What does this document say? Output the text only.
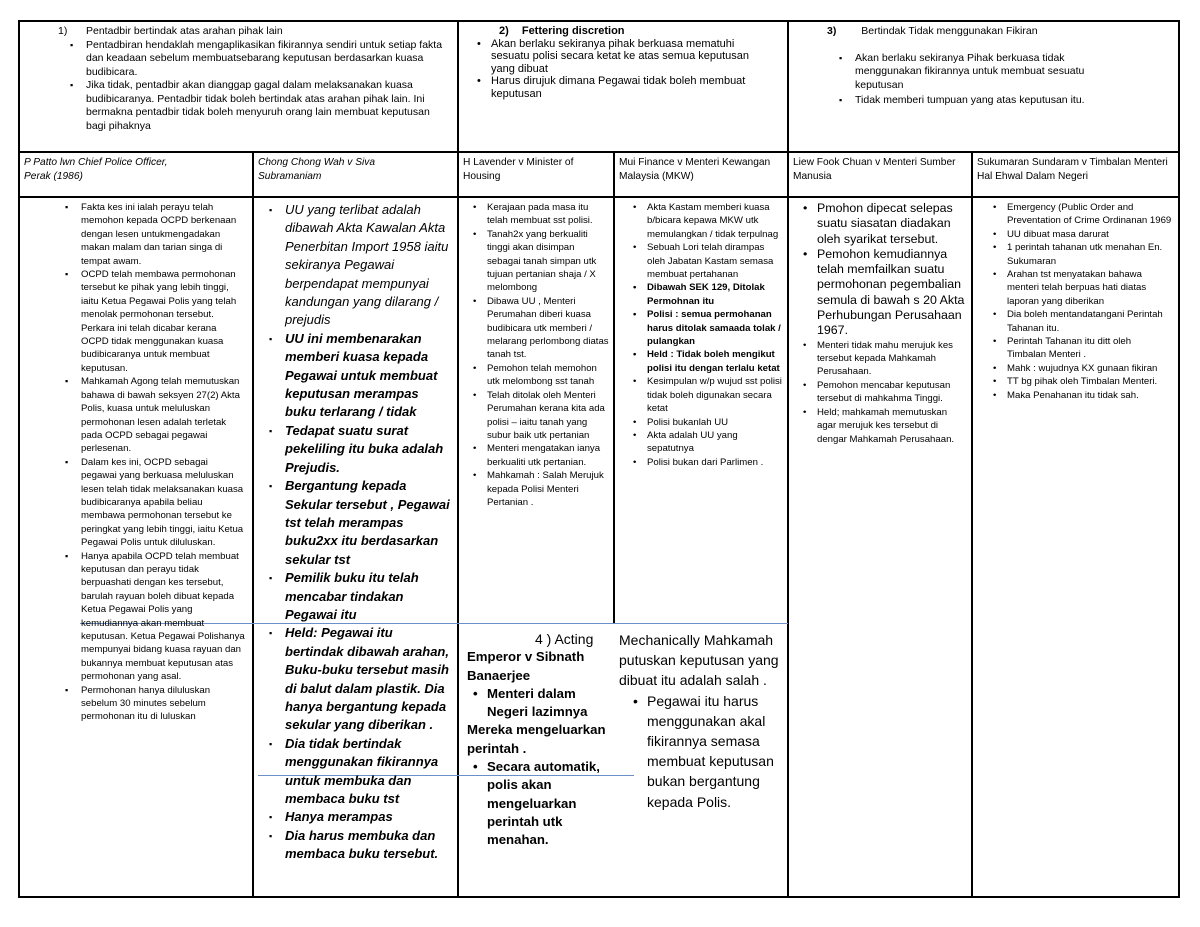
1) Pentadbir bertindak atas arahan pihak lain
▪ Pentadbiran hendaklah mengaplikasikan fikirannya sendiri untuk setiap fakta dan keadaan sebelum membuatsebarang keputusan berdasarkan kuasa budibicara.
▪ Jika tidak, pentadbir akan dianggap gagal dalam melaksanakan kuasa budibicaranya. Pentadbir tidak boleh bertindak atas arahan pihak lain. Ini bermakna pentadbir tidak boleh menyuruh orang lain membuat keputusan bagi pihaknya
2) Fettering discretion
• Akan berlaku sekiranya pihak berkuasa mematuhi sesuatu polisi secara ketat ke atas semua keputusan yang dibuat
• Harus dirujuk dimana Pegawai tidak boleh membuat keputusan
3) Bertindak Tidak menggunakan Fikiran
▪ Akan berlaku sekiranya Pihak berkuasa tidak menggunakan fikirannya untuk membuat sesuatu keputusan
▪ Tidak memberi tumpuan yang atas keputusan itu.
P Patto lwn Chief Police Officer, Perak (1986)
Chong Chong Wah v Siva Subramaniam
H Lavender v Minister of Housing
Mui Finance v Menteri Kewangan Malaysia (MKW)
Liew Fook Chuan v Menteri Sumber Manusia
Sukumaran Sundaram v Timbalan Menteri Hal Ehwal Dalam Negeri
▪ Fakta kes ini ialah perayu telah memohon kepada OCPD berkenaan dengan lesen untukmengadakan makan malam dan tarian singa di tempat awam.
▪ OCPD telah membawa permohonan tersebut ke pihak yang lebih tinggi, iaitu Ketua Pegawai Polis yang telah menolak permohonan tersebut. Perkara ini telah dicabar kerana OCPD tidak menggunakan kuasa budibicaranya untuk membuat keputusan.
▪ Mahkamah Agong telah memutuskan bahawa di bawah seksyen 27(2) Akta Polis, kuasa untuk meluluskan permohonan lesen adalah terletak pada OCPD sebagai pegawai perlesenan.
▪ Dalam kes ini, OCPD sebagai pegawai yang berkuasa meluluskan lesen telah tidak melaksanakan kuasa budibicaranya apabila beliau membawa permohonan tersebut ke peringkat yang lebih tinggi, iaitu Ketua Pegawai Polis untuk diluluskan.
▪ Hanya apabila OCPD telah membuat keputusan dan perayu tidak berpuashati dengan kes tersebut, barulah rayuan boleh dibuat kepada Ketua Pegawai Polis yang kemudiannya akan membuat keputusan. Ketua Pegawai Polishanya mempunyai bidang kuasa rayuan dan bukannya membuat keputusan atas permohonan yang asal.
▪ Permohonan hanya diluluskan sebelum 30 minutes sebelum permohonan itu di luluskan
▪ UU yang terlibat adalah dibawah Akta Kawalan Akta Penerbitan Import 1958 iaitu sekiranya Pegawai berpendapat mempunyai kandungan yang dilarang / prejudis
▪ UU ini membenarakan memberi kuasa kepada Pegawai untuk membuat keputusan merampas buku terlarang / tidak
▪ Tedapat suatu surat pekeliling itu buka adalah Prejudis.
▪ Bergantung kepada Sekular tersebut , Pegawai tst telah merampas buku2xx itu berdasarkan sekular tst
▪ Pemilik buku itu telah mencabar tindakan Pegawai itu
▪ Held: Pegawai itu bertindak dibawah arahan, Buku-buku tersebut masih di balut dalam plastik. Dia hanya bergantung kepada sekular yang diberikan .
▪ Dia tidak bertindak menggunakan fikirannya untuk membuka dan membaca buku tst
▪ Hanya merampas
▪ Dia harus membuka dan membaca buku tersebut.
• Kerajaan pada masa itu telah membuat sst polisi.
• Tanah2x yang berkualiti tinggi akan disimpan sebagai tanah simpan utk tujuan pertanian shaja / X melombong
• Dibawa UU , Menteri Perumahan diberi kuasa budibicara utk memberi / melarang perlombong diatas tanah tst.
• Pemohon telah memohon utk melombong sst tanah
• Telah ditolak oleh Menteri Perumahan kerana kita ada polisi – iaitu tanah yang subur baik utk pertanian
• Menteri mengatakan ianya berkualiti utk pertanian.
• Mahkamah : Salah Merujuk kepada Polisi Menteri Pertanian .
• Akta Kastam memberi kuasa b/bicara kepawa MKW utk memulangkan / tidak terpulnag
• Sebuah Lori telah dirampas oleh Jabatan Kastam semasa membuat pertahanan
• Dibawah SEK 129, Ditolak Permohnan itu
• Polisi : semua permohanan harus ditolak samaada tolak / pulangkan
• Held : Tidak boleh mengikut polisi itu dengan terlalu ketat
• Kesimpulan w/p wujud sst polisi tidak boleh digunakan secara ketat
• Polisi bukanlah UU
• Akta adalah UU yang sepatutnya
• Polisi bukan dari Parlimen .
• Pmohon dipecat selepas suatu siasatan diadakan oleh syarikat tersebut.
• Pemohon kemudiannya telah memfailkan suatu permohonan pegembalian semula di bawah s 20 Akta Perhubungan Perusahaan 1967.
• Menteri tidak mahu merujuk kes tersebut kepada Mahkamah Perusahaan.
• Pemohon mencabar keputusan tersebut di mahkahma Tinggi.
• Held; mahkamah memutuskan agar merujuk kes tersebut di dengar Mahkamah Perusahaan.
• Emergency (Public Order and Preventation of Crime Ordinanan 1969
• UU dibuat masa darurat
• 1 perintah tahanan utk menahan En. Sukumaran
• Arahan tst menyatakan bahawa menteri telah berpuas hati diatas laporan yang diberikan
• Dia boleh mentandatangani Perintah Tahanan itu.
• Perintah Tahanan itu ditt oleh Timbalan Menteri .
• Mahk : wujudnya KX gunaan fikiran
• TT bg pihak oleh Timbalan Menteri.
• Maka Penahanan itu tidak sah.
4 ) Acting
Emperor v Sibnath Banaerjee
• Menteri dalam Negeri lazimnya
Mereka mengeluarkan perintah .
• Secara automatik, polis akan mengeluarkan perintah utk menahan.
Mechanically Mahkamah putuskan keputusan yang dibuat itu adalah salah .
• Pegawai itu harus menggunakan akal fikirannya semasa membuat keputusan bukan bergantung kepada Polis.
